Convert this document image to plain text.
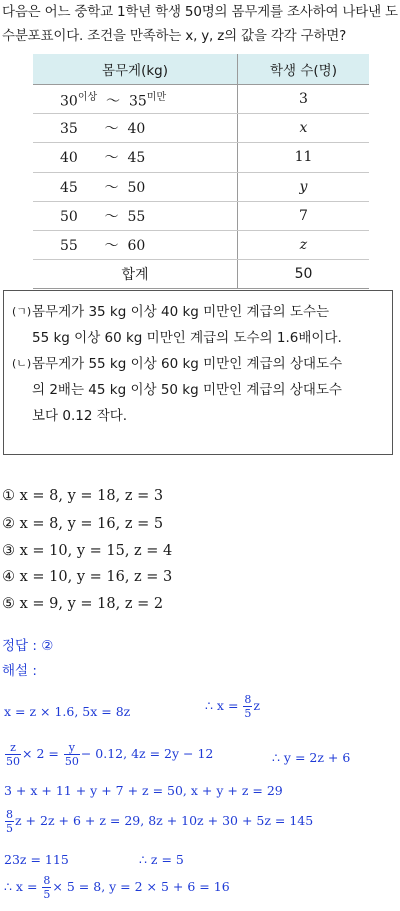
다음은 어느 중학교 1학년 학생 50명의 몸무게를 조사하여 나타낸 도수분포표이다. 조건을 만족하는 x, y, z의 값을 각각 구하면?
몸무게(kg)	학생 수(명)
$30^{이상}$  ～  $35^{미만}$	3
35      ～  40	x
40      ～  45	11
45      ～  50	y
50      ～  55	7
55      ～  60	z
합계	50
(ㄱ) 몸무게가 35 kg 이상 40 kg 미만인 계급의 도수는
55 kg 이상 60 kg 미만인 계급의 도수의 1.6배이다.
(ㄴ) 몸무게가 55 kg 이상 60 kg 미만인 계급의 상대도수
의 2배는 45 kg 이상 50 kg 미만인 계급의 상대도수
보다 0.12 작다.
① x = 8, y = 18, z = 3
② x = 8, y = 16, z = 5
③ x = 10, y = 15, z = 4
④ x = 10, y = 16, z = 3
⑤ x = 9, y = 18, z = 2
정답 : ②
해설 :
x = z × 1.6, 5x = 8z	∴ $x = \frac{8}{5}$ z
$\frac{z}{50} \times 2 = \frac{y}{50} - 0.12$, 4z = 2y − 12	∴ y = 2z + 6
3 + x + 11 + y + 7 + z = 50, x + y + z = 29
$\frac{8}{5}$ z + 2z + 6 + z = 29, 8z + 10z + 30 + 5z = 145
23z = 115	∴ z = 5
∴ $x = \frac{8}{5} \times 5 = 8$, y = 2 × 5 + 6 = 16
